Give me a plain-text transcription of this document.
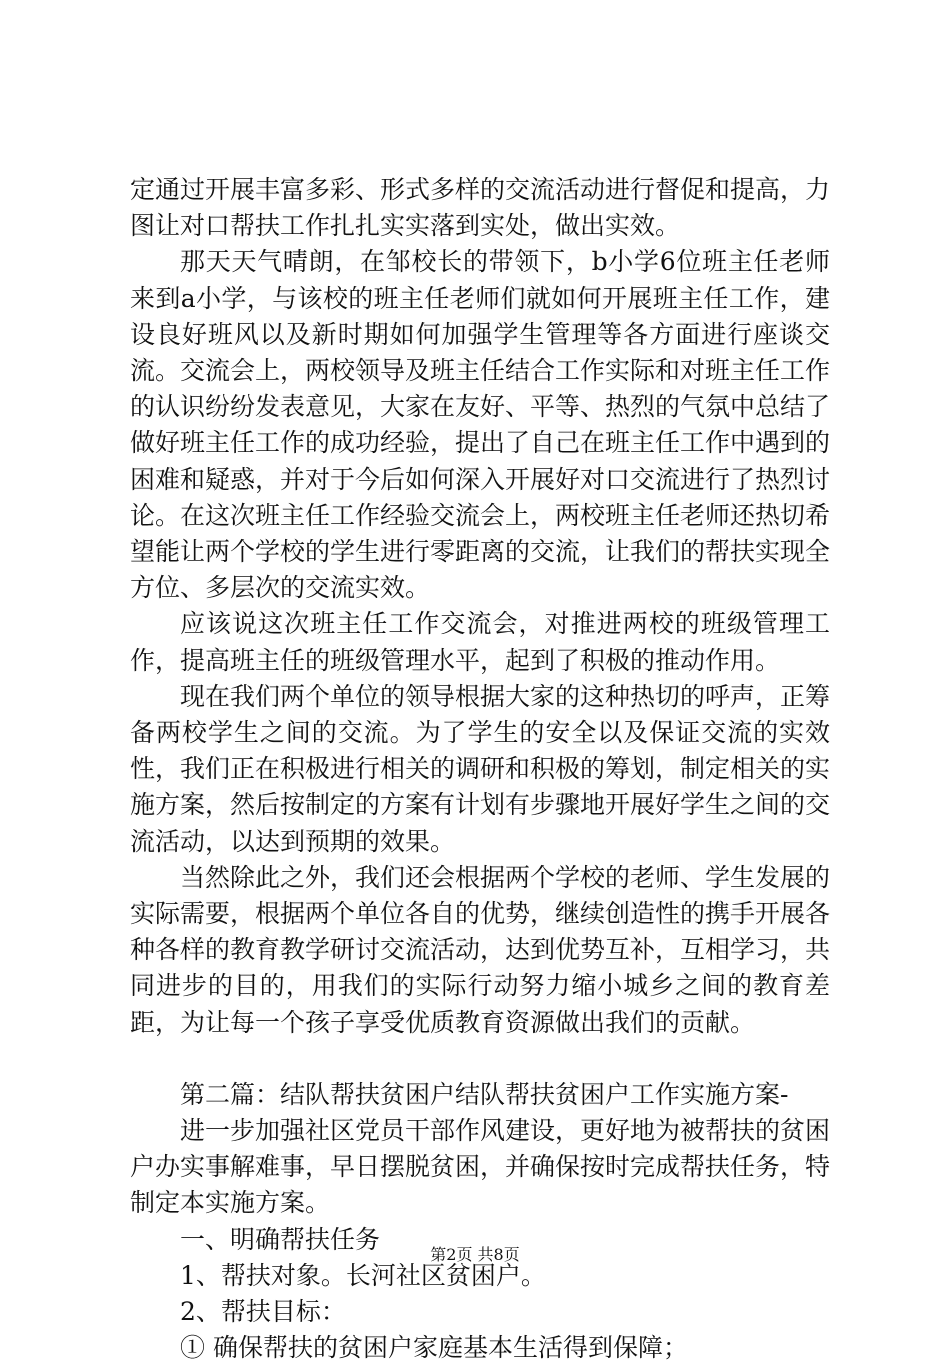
定通过开展丰富多彩、形式多样的交流活动进行督促和提高，力图让对口帮扶工作扎扎实实落到实处，做出实效。

那天天气晴朗，在邹校长的带领下，b小学6位班主任老师来到a小学，与该校的班主任老师们就如何开展班主任工作，建设良好班风以及新时期如何加强学生管理等各方面进行座谈交流。交流会上，两校领导及班主任结合工作实际和对班主任工作的认识纷纷发表意见，大家在友好、平等、热烈的气氛中总结了做好班主任工作的成功经验，提出了自己在班主任工作中遇到的困难和疑惑，并对于今后如何深入开展好对口交流进行了热烈讨论。在这次班主任工作经验交流会上，两校班主任老师还热切希望能让两个学校的学生进行零距离的交流，让我们的帮扶实现全方位、多层次的交流实效。

应该说这次班主任工作交流会，对推进两校的班级管理工作，提高班主任的班级管理水平，起到了积极的推动作用。

现在我们两个单位的领导根据大家的这种热切的呼声，正筹备两校学生之间的交流。为了学生的安全以及保证交流的实效性，我们正在积极进行相关的调研和积极的筹划，制定相关的实施方案，然后按制定的方案有计划有步骤地开展好学生之间的交流活动，以达到预期的效果。

当然除此之外，我们还会根据两个学校的老师、学生发展的实际需要，根据两个单位各自的优势，继续创造性的携手开展各种各样的教育教学研讨交流活动，达到优势互补，互相学习，共同进步的目的，用我们的实际行动努力缩小城乡之间的教育差距，为让每一个孩子享受优质教育资源做出我们的贡献。

第二篇：结队帮扶贫困户结队帮扶贫困户工作实施方案-

进一步加强社区党员干部作风建设，更好地为被帮扶的贫困户办实事解难事，早日摆脱贫困，并确保按时完成帮扶任务，特制定本实施方案。

一、明确帮扶任务

1、帮扶对象。长河社区贫困户。

2、帮扶目标：

① 确保帮扶的贫困户家庭基本生活得到保障；

第2页 共8页
